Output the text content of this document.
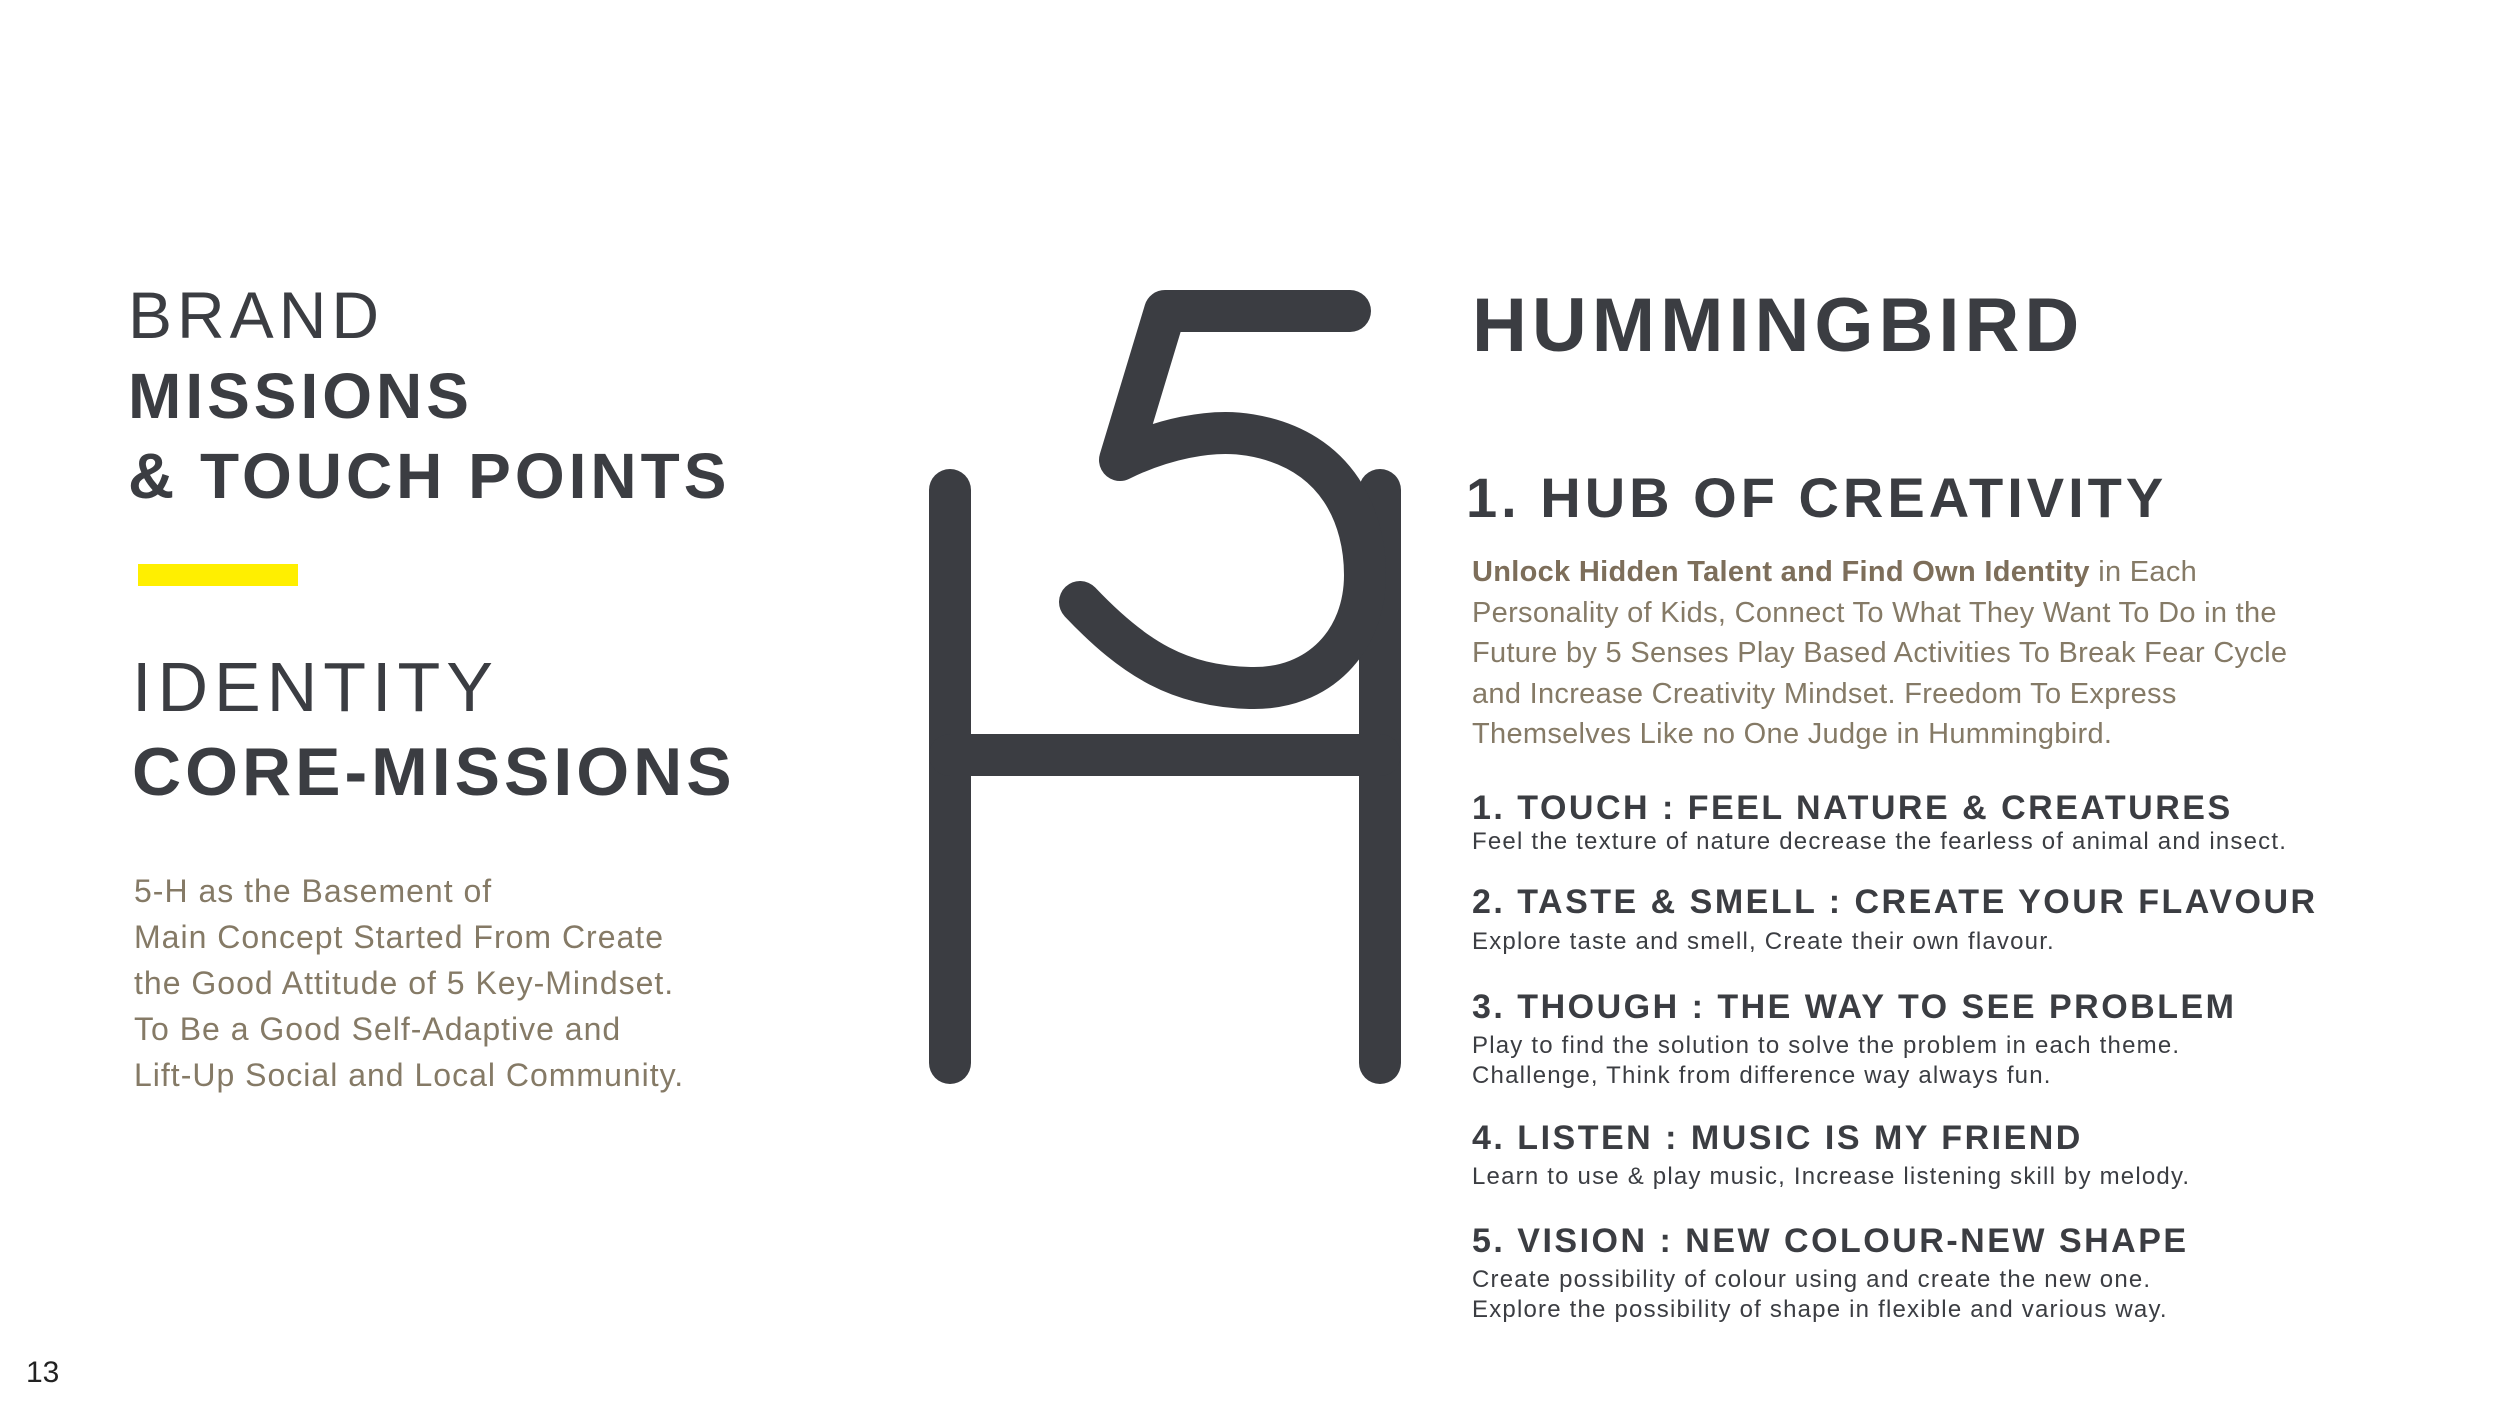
BRAND
MISSIONS
& TOUCH POINTS
IDENTITY
CORE-MISSIONS
5-H as the Basement of
Main Concept Started From Create
the Good Attitude of 5 Key-Mindset.
To Be a Good Self-Adaptive and
Lift-Up Social and Local Community.
HUMMINGBIRD
1. HUB OF CREATIVITY
Unlock Hidden Talent and Find Own Identity in Each
Personality of Kids, Connect To What They Want To Do in the
Future by 5 Senses Play Based Activities To Break Fear Cycle
and Increase Creativity Mindset. Freedom To Express
Themselves Like no One Judge in Hummingbird.
1. TOUCH : FEEL NATURE & CREATURES
Feel the texture of nature decrease the fearless of animal and insect.
2. TASTE & SMELL : CREATE YOUR FLAVOUR
Explore taste and smell, Create their own flavour.
3. THOUGH : THE WAY TO SEE PROBLEM
Play to find the solution to solve the problem in each theme.
Challenge, Think from difference way always fun.
4. LISTEN : MUSIC IS MY FRIEND
Learn to use & play music, Increase listening skill by melody.
5. VISION : NEW COLOUR-NEW SHAPE
Create possibility of colour using and create the new one.
Explore the possibility of shape in flexible and various way.
13
